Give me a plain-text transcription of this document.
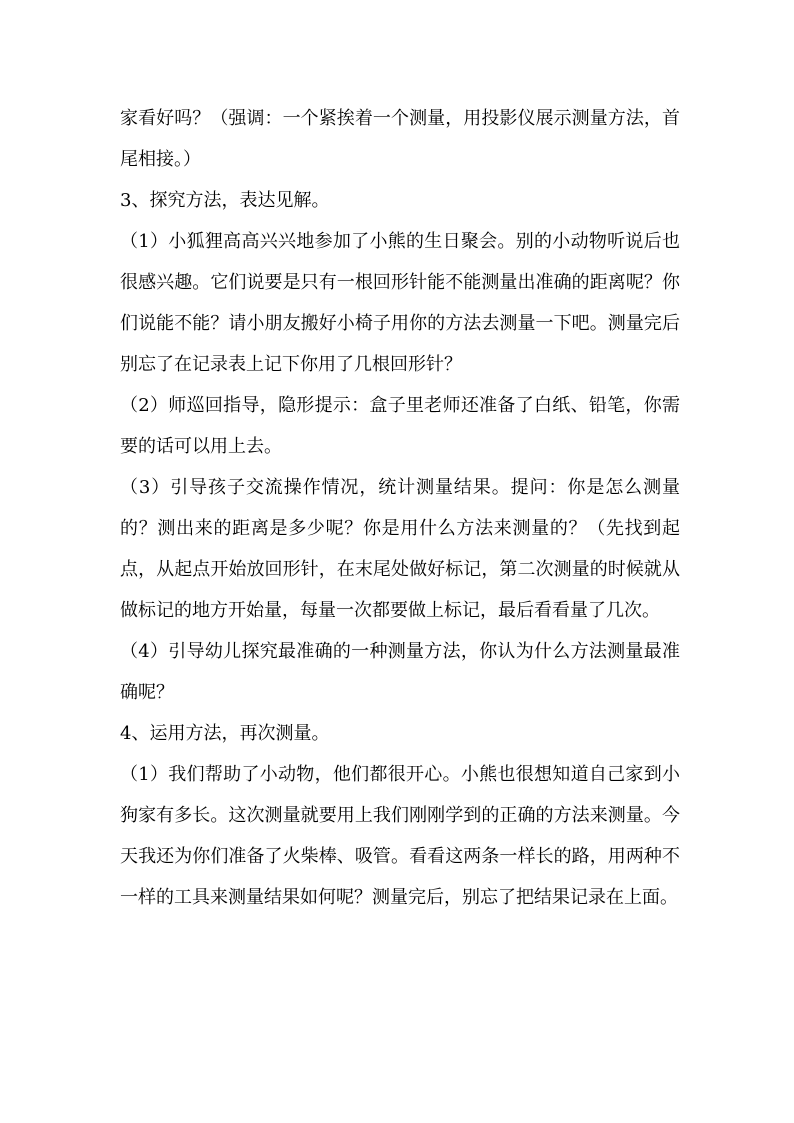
家看好吗？（强调：一个紧挨着一个测量，用投影仪展示测量方法，首尾相接。）

3、探究方法，表达见解。

（1）小狐狸高高兴兴地参加了小熊的生日聚会。别的小动物听说后也很感兴趣。它们说要是只有一根回形针能不能测量出准确的距离呢？你们说能不能？请小朋友搬好小椅子用你的方法去测量一下吧。测量完后别忘了在记录表上记下你用了几根回形针？

（2）师巡回指导，隐形提示：盒子里老师还准备了白纸、铅笔，你需要的话可以用上去。

（3）引导孩子交流操作情况，统计测量结果。提问：你是怎么测量的？测出来的距离是多少呢？你是用什么方法来测量的？（先找到起点，从起点开始放回形针，在末尾处做好标记，第二次测量的时候就从做标记的地方开始量，每量一次都要做上标记，最后看看量了几次。

（4）引导幼儿探究最准确的一种测量方法，你认为什么方法测量最准确呢？

4、运用方法，再次测量。

（1）我们帮助了小动物，他们都很开心。小熊也很想知道自己家到小狗家有多长。这次测量就要用上我们刚刚学到的正确的方法来测量。今天我还为你们准备了火柴棒、吸管。看看这两条一样长的路，用两种不一样的工具来测量结果如何呢？测量完后，别忘了把结果记录在上面。
